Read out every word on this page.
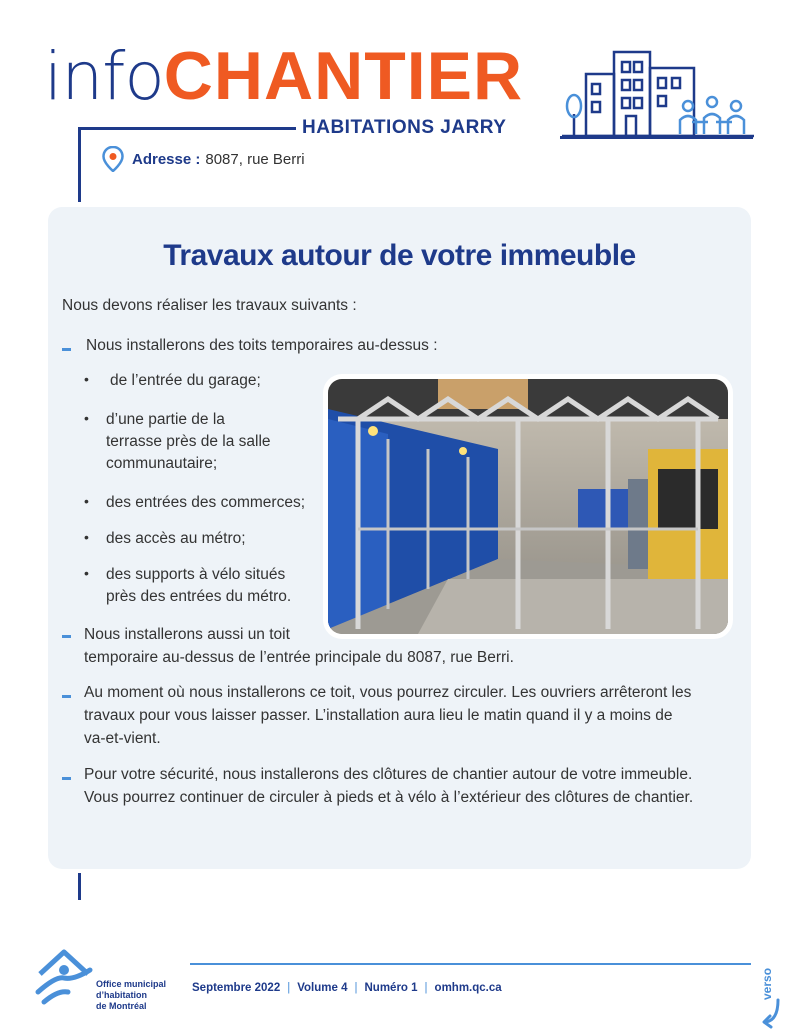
info CHANTIER
HABITATIONS JARRY
Adresse : 8087, rue Berri
Travaux autour de votre immeuble
Nous devons réaliser les travaux suivants :
Nous installerons des toits temporaires au-dessus :
• de l’entrée du garage;
• d’une partie de la
terrasse près de la salle
communautaire;
• des entrées des commerces;
• des accès au métro;
• des supports à vélo situés
près des entrées du métro.
Nous installerons aussi un toit
temporaire au-dessus de l’entrée principale du 8087, rue Berri.
Au moment où nous installerons ce toit, vous pourrez circuler. Les ouvriers arrêteront les
travaux pour vous laisser passer. L’installation aura lieu le matin quand il y a moins de
va-et-vient.
Pour votre sécurité, nous installerons des clôtures de chantier autour de votre immeuble.
Vous pourrez continuer de circuler à pieds et à vélo à l’extérieur des clôtures de chantier.
Office municipal
d’habitation
de Montréal
Septembre 2022 | Volume 4 | Numéro 1 | omhm.qc.ca	verso
